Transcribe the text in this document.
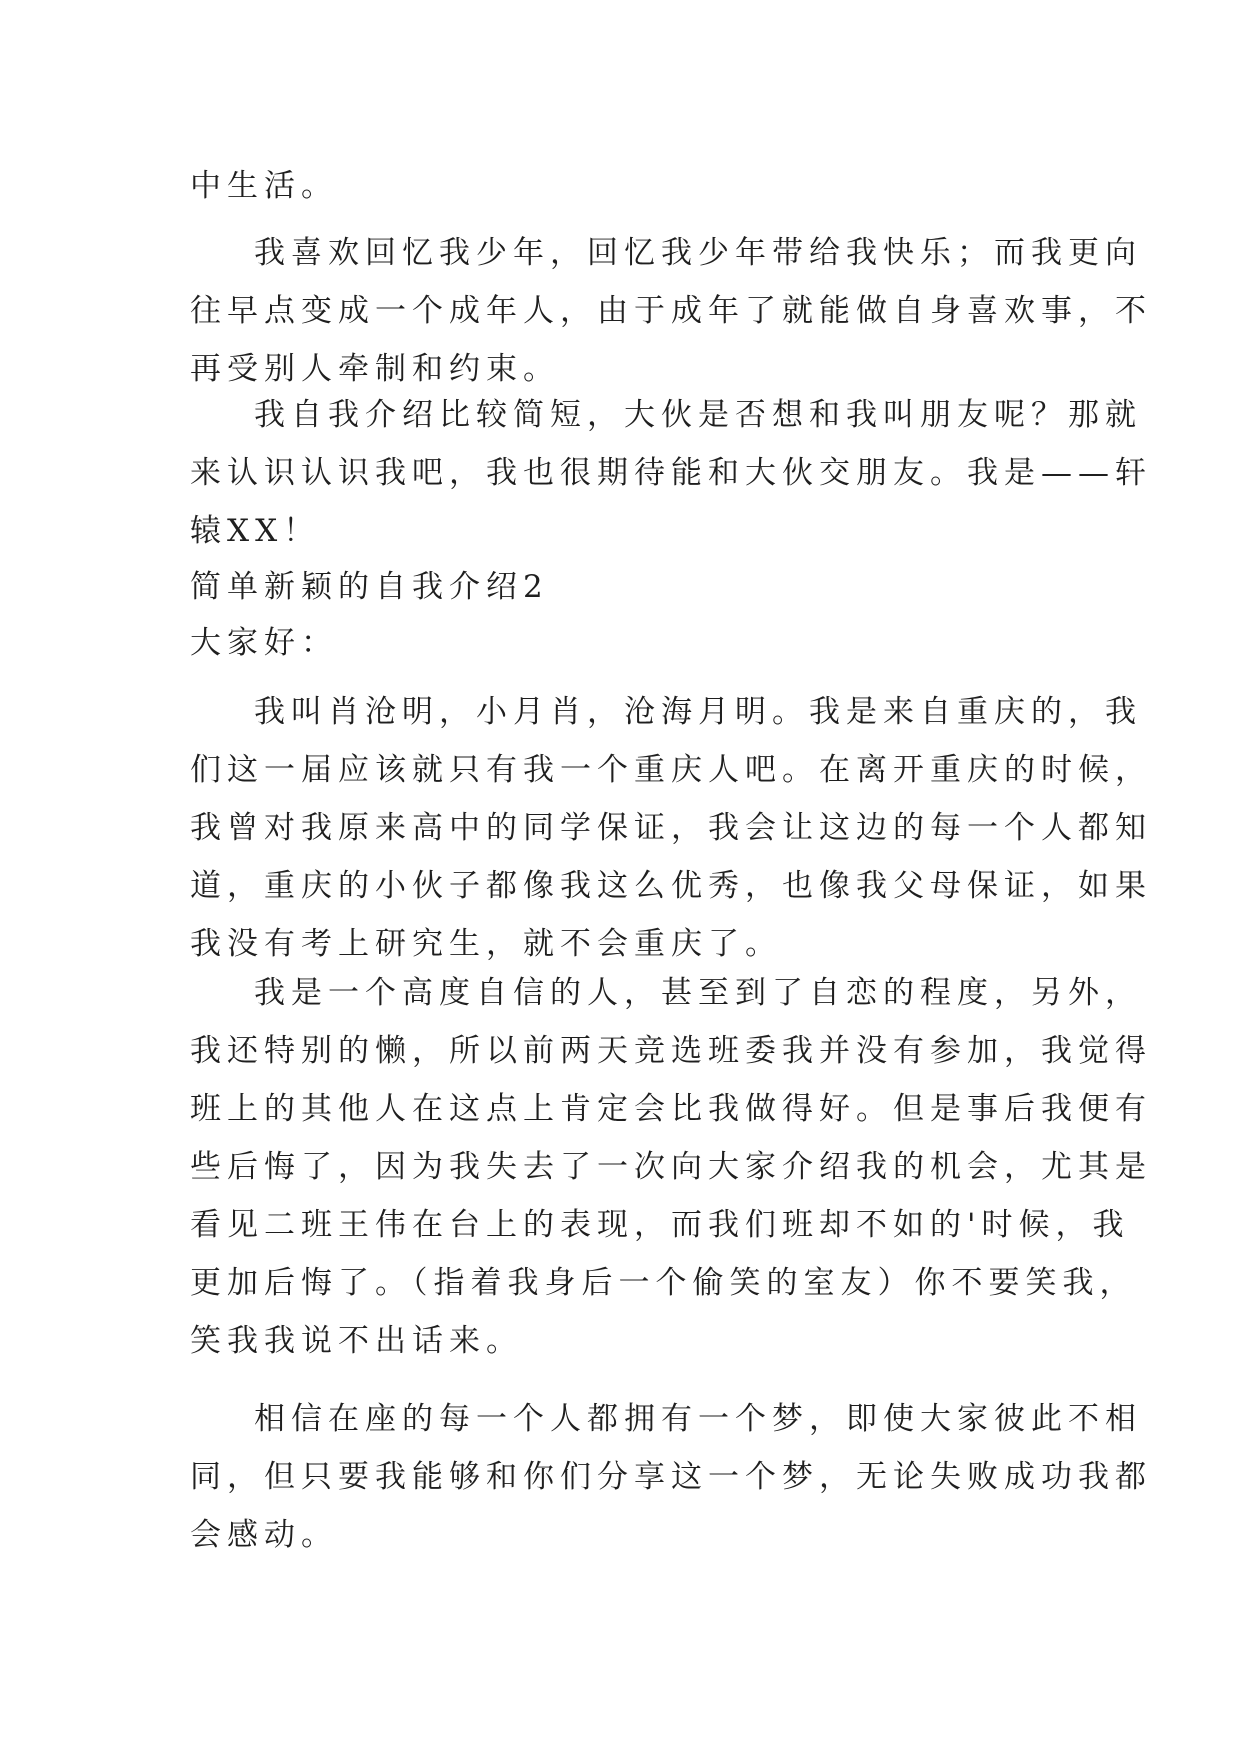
中生活。
我喜欢回忆我少年，回忆我少年带给我快乐；而我更向
往早点变成一个成年人，由于成年了就能做自身喜欢事，不
再受别人牵制和约束。
我自我介绍比较简短，大伙是否想和我叫朋友呢？那就
来认识认识我吧，我也很期待能和大伙交朋友。我是——轩
辕XX！
简单新颖的自我介绍2
大家好：
我叫肖沧明，小月肖，沧海月明。我是来自重庆的，我
们这一届应该就只有我一个重庆人吧。在离开重庆的时候，
我曾对我原来高中的同学保证，我会让这边的每一个人都知
道，重庆的小伙子都像我这么优秀，也像我父母保证，如果
我没有考上研究生，就不会重庆了。
我是一个高度自信的人，甚至到了自恋的程度，另外，
我还特别的懒，所以前两天竞选班委我并没有参加，我觉得
班上的其他人在这点上肯定会比我做得好。但是事后我便有
些后悔了，因为我失去了一次向大家介绍我的机会，尤其是
看见二班王伟在台上的表现，而我们班却不如的'时候，我
更加后悔了。（指着我身后一个偷笑的室友）你不要笑我，
笑我我说不出话来。
相信在座的每一个人都拥有一个梦，即使大家彼此不相
同，但只要我能够和你们分享这一个梦，无论失败成功我都
会感动。
